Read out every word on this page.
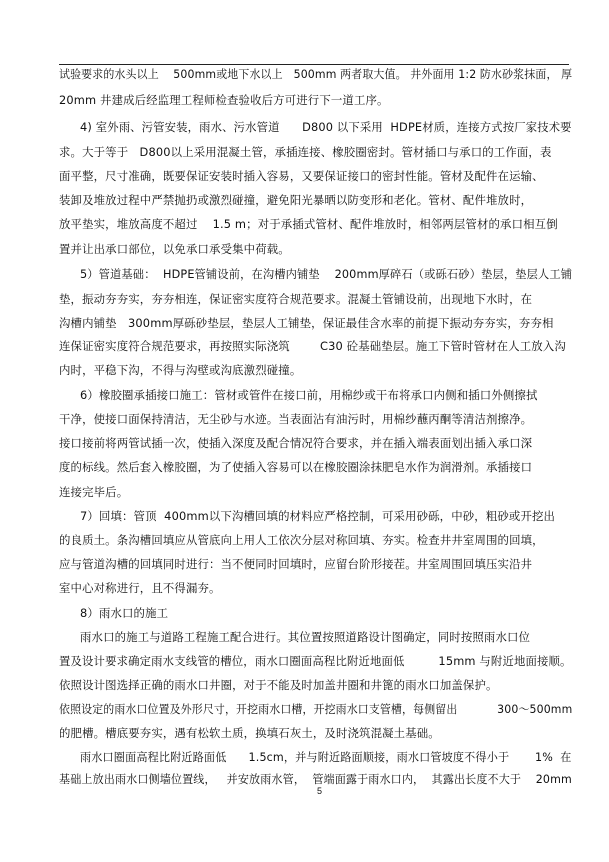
试验要求的水头以上    500mm或地下水以上   500mm 两者取大值。 井外面用 1:2 防水砂浆抹面， 厚
20mm 井建成后经监理工程师检查验收后方可进行下一道工序。
4) 室外雨、污管安装，雨水、污水管道      D800 以下采用  HDPE材质，连接方式按厂家技术要
求。大于等于   D800以上采用混凝土管，承插连接、橡胶圈密封。管材插口与承口的工作面，表
面平整，尺寸准确，既要保证安装时插入容易，又要保证接口的密封性能。管材及配件在运输、
装卸及堆放过程中严禁抛扔或激烈碰撞，避免阳光暴晒以防变形和老化。管材、配件堆放时，
放平垫实，堆放高度不超过    1.5 m；对于承插式管材、配件堆放时，相邻两层管材的承口相互倒
置并让出承口部位，以免承口承受集中荷载。
5）管道基础：  HDPE管铺设前，在沟槽内铺垫    200mm厚碎石（或砾石砂）垫层，垫层人工铺
垫，振动夯夯实，夯夯相连，保证密实度符合规范要求。混凝土管铺设前，出现地下水时，在
沟槽内铺垫   300mm厚砾砂垫层，垫层人工铺垫，保证最佳含水率的前提下振动夯夯实，夯夯相
连保证密实度符合规范要求，再按照实际浇筑        C30 砼基础垫层。施工下管时管材在人工放入沟
内时，平稳下沟，不得与沟壁或沟底激烈碰撞。
6）橡胶圈承插接口施工：管材或管件在接口前，用棉纱或干布将承口内侧和插口外侧擦拭
干净，使接口面保持清洁，无尘砂与水迹。当表面沾有油污时，用棉纱蘸丙酮等清洁剂擦净。
接口接前将两管试插一次，使插入深度及配合情况符合要求，并在插入端表面划出插入承口深
度的标线。然后套入橡胶圈，为了使插入容易可以在橡胶圈涂抹肥皂水作为润滑剂。承插接口
连接完毕后。
7）回填：管顶  400mm以下沟槽回填的材料应严格控制，可采用砂砾，中砂，粗砂或开挖出
的良质土。条沟槽回填应从管底向上用人工依次分层对称回填、夯实。检查井井室周围的回填，
应与管道沟槽的回填同时进行：当不便同时回填时，应留台阶形接茬。井室周围回填压实沿井
室中心对称进行，且不得漏夯。
8）雨水口的施工
雨水口的施工与道路工程施工配合进行。其位置按照道路设计图确定，同时按照雨水口位
置及设计要求确定雨水支线管的槽位，雨水口圈面高程比附近地面低         15mm 与附近地面接顺。
依照设计图选择正确的雨水口井圈，对于不能及时加盖井圈和井篦的雨水口加盖保护。
依照设定的雨水口位置及外形尺寸，开挖雨水口槽，开挖雨水口支管槽，每侧留出           300～500mm
的肥槽。槽底要夯实，遇有松软土质，换填石灰土，及时浇筑混凝土基础。
雨水口圈面高程比附近路面低      1.5cm，并与附近路面顺接，雨水口管坡度不得小于       1%  在
基础上放出雨水口侧墙位置线，   并安放雨水管，  管端面露于雨水口内，  其露出长度不大于    20mm
5
